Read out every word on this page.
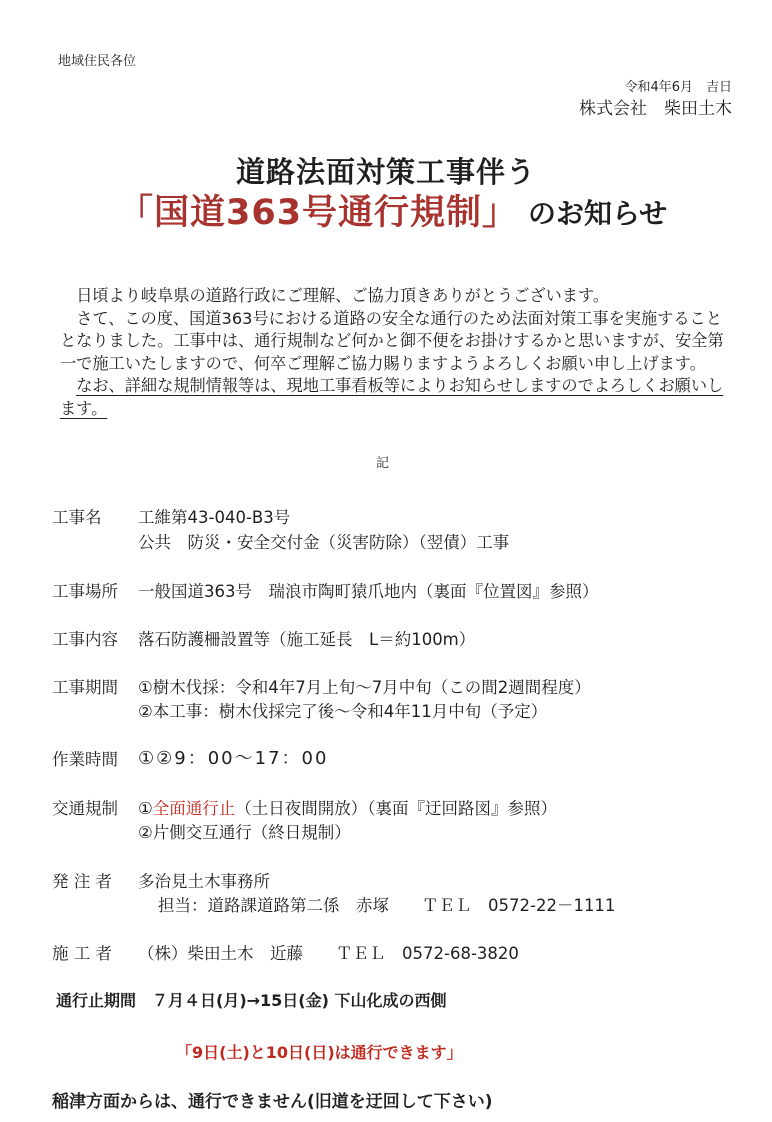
地域住民各位
令和4年6月　吉日
株式会社　柴田土木
道路法面対策工事伴う
「国道363号通行規制」 のお知らせ

日頃より岐阜県の道路行政にご理解、ご協力頂きありがとうございます。

さて、この度、国道363号における道路の安全な通行のため法面対策工事を実施することとなりました。工事中は、通行規制など何かと御不便をお掛けするかと思いますが、安全第一で施工いたしますので、何卒ご理解ご協力賜りますようよろしくお願い申し上げます。

なお、詳細な規制情報等は、現地工事看板等によりお知らせしますのでよろしくお願いします。

記
工事名 工維第43-040-B3号
公共　防災・安全交付金（災害防除）（翌債）工事
工事場所 一般国道363号　瑞浪市陶町猿爪地内（裏面『位置図』参照）
工事内容 落石防護柵設置等（施工延長　L＝約100m）
工事期間 ①樹木伐採：令和4年7月上旬～7月中旬（この間2週間程度）
②本工事：樹木伐採完了後～令和4年11月中旬（予定）
作業時間 ①②9：00～17：00
交通規制 ①全面通行止（土日夜間開放）（裏面『迂回路図』参照）
②片側交互通行（終日規制）
発 注 者 多治見土木事務所
担当：道路課道路第二係　赤塚　　ＴＥＬ　0572-22－1111
施 工 者 （株）柴田土木　近藤　　ＴＥＬ　0572-68-3820
通行止期間　７月４日(月)→15日(金) 下山化成の西側
「9日(土)と10日(日)は通行できます」
稲津方面からは、通行できません(旧道を迂回して下さい)
